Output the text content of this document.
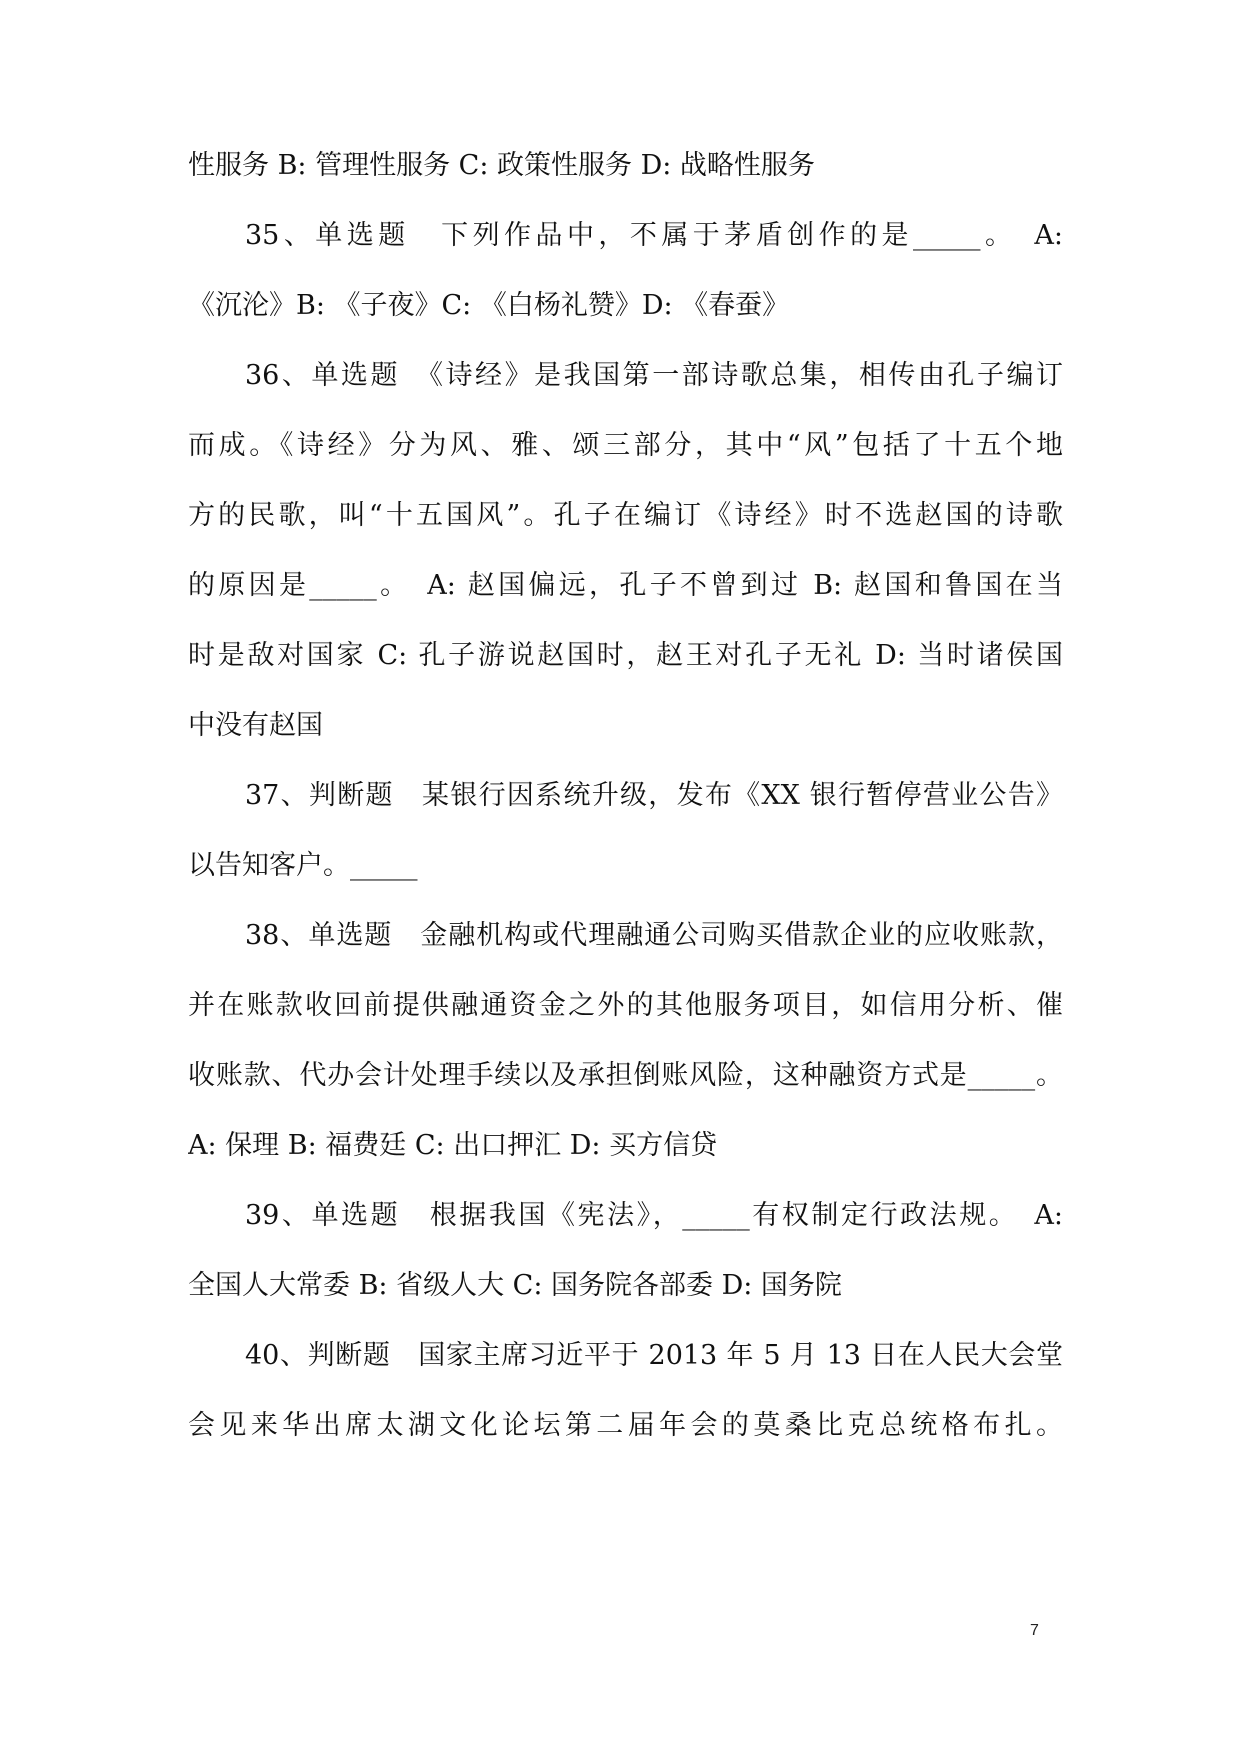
性服务 B: 管理性服务 C: 政策性服务 D: 战略性服务
35、单选题　下列作品中，不属于茅盾创作的是_____。　A:
《沉沦》B: 《子夜》C: 《白杨礼赞》D: 《春蚕》
36、单选题　《诗经》是我国第一部诗歌总集，相传由孔子编订
而成。《诗经》分为风、雅、颂三部分，其中“风”包括了十五个地
方的民歌，叫“十五国风”。孔子在编订《诗经》时不选赵国的诗歌
的原因是_____。　A: 赵国偏远，孔子不曾到过 B: 赵国和鲁国在当
时是敌对国家 C: 孔子游说赵国时，赵王对孔子无礼 D: 当时诸侯国
中没有赵国
37、判断题　某银行因系统升级，发布《XX 银行暂停营业公告》
以告知客户。_____
38、单选题　金融机构或代理融通公司购买借款企业的应收账款，
并在账款收回前提供融通资金之外的其他服务项目，如信用分析、催
收账款、代办会计处理手续以及承担倒账风险，这种融资方式是_____。
A: 保理 B: 福费廷 C: 出口押汇 D: 买方信贷
39、单选题　根据我国《宪法》，_____有权制定行政法规。　A:
全国人大常委 B: 省级人大 C: 国务院各部委 D: 国务院
40、判断题　国家主席习近平于 2013 年 5 月 13 日在人民大会堂
会见来华出席太湖文化论坛第二届年会的莫桑比克总统格布扎。
7
